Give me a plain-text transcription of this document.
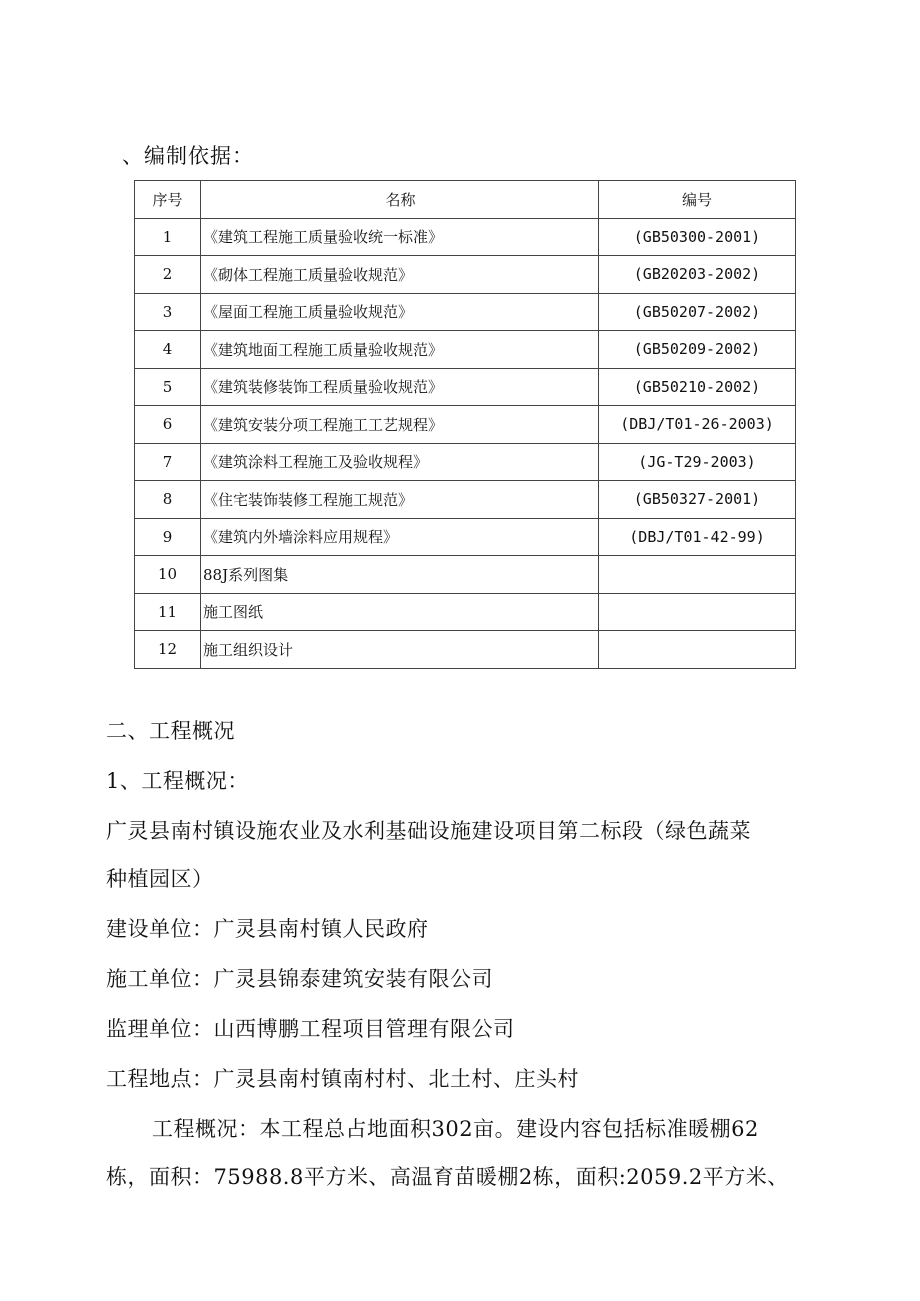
、编制依据：
序号	名称	编号
1	《建筑工程施工质量验收统一标准》	(GB50300-2001)
2	《砌体工程施工质量验收规范》	(GB20203-2002)
3	《屋面工程施工质量验收规范》	(GB50207-2002)
4	《建筑地面工程施工质量验收规范》	(GB50209-2002)
5	《建筑装修装饰工程质量验收规范》	(GB50210-2002)
6	《建筑安装分项工程施工工艺规程》	(DBJ/T01-26-2003)
7	《建筑涂料工程施工及验收规程》	(JG-T29-2003)
8	《住宅装饰装修工程施工规范》	(GB50327-2001)
9	《建筑内外墙涂料应用规程》	(DBJ/T01-42-99)
10	88J系列图集	
11	施工图纸	
12	施工组织设计	
二、工程概况
1、工程概况：
广灵县南村镇设施农业及水利基础设施建设项目第二标段（绿色蔬菜
种植园区）
建设单位：广灵县南村镇人民政府
施工单位：广灵县锦泰建筑安装有限公司
监理单位：山西博鹏工程项目管理有限公司
工程地点：广灵县南村镇南村村、北土村、庄头村
工程概况：本工程总占地面积302亩。建设内容包括标准暖棚62
栋，面积：75988.8平方米、高温育苗暖棚2栋，面积:2059.2平方米、
